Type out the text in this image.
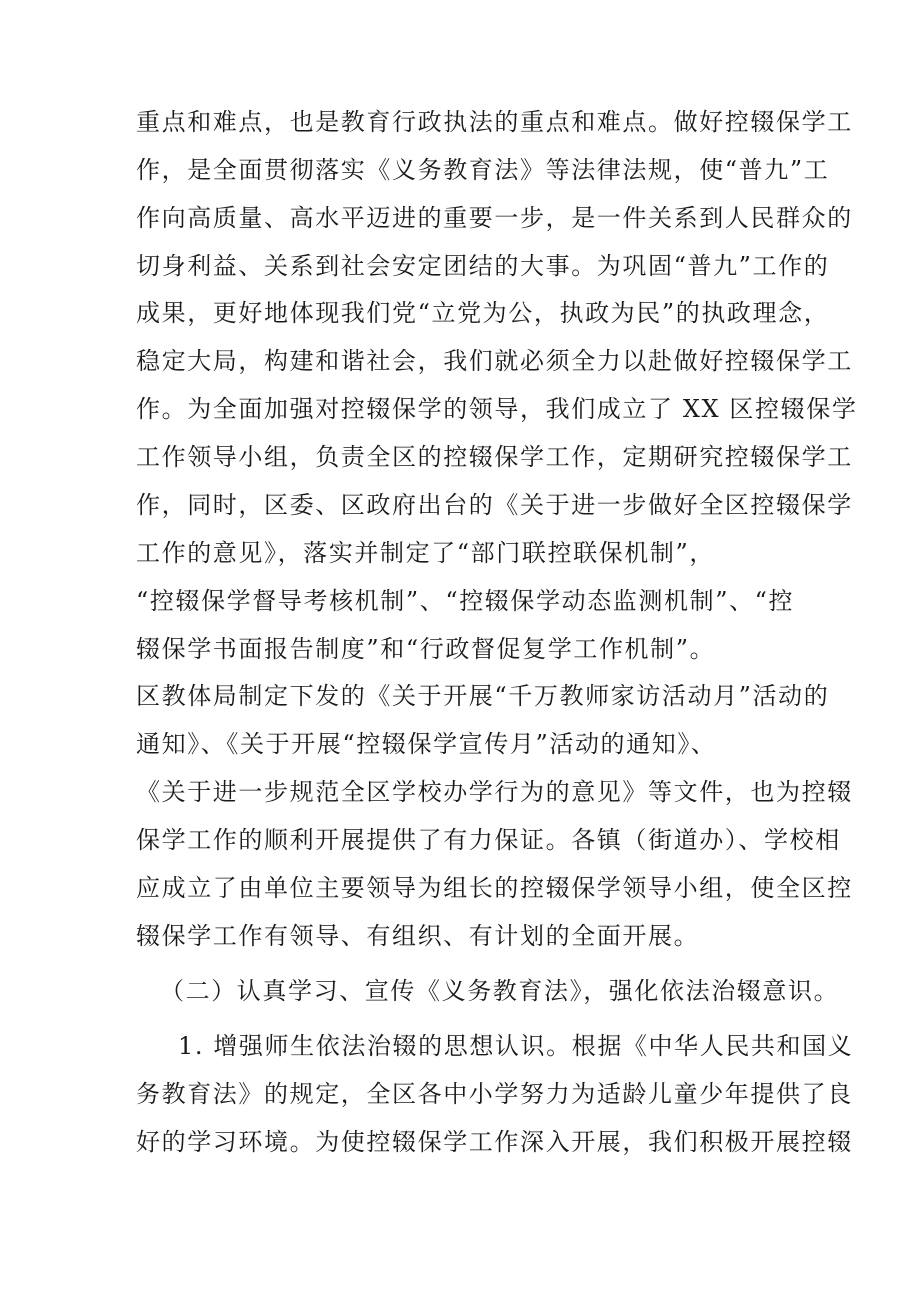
重点和难点，也是教育行政执法的重点和难点。做好控辍保学工
作，是全面贯彻落实《义务教育法》等法律法规，使“普九”工
作向高质量、高水平迈进的重要一步，是一件关系到人民群众的
切身利益、关系到社会安定团结的大事。为巩固“普九”工作的
成果，更好地体现我们党“立党为公，执政为民”的执政理念，
稳定大局，构建和谐社会，我们就必须全力以赴做好控辍保学工
作。为全面加强对控辍保学的领导，我们成立了 XX 区控辍保学
工作领导小组，负责全区的控辍保学工作，定期研究控辍保学工
作，同时，区委、区政府出台的《关于进一步做好全区控辍保学
工作的意见》，落实并制定了“部门联控联保机制”，
“控辍保学督导考核机制”、“控辍保学动态监测机制”、“控
辍保学书面报告制度”和“行政督促复学工作机制”。
区教体局制定下发的《关于开展“千万教师家访活动月”活动的
通知》、《关于开展“控辍保学宣传月”活动的通知》、
《关于进一步规范全区学校办学行为的意见》等文件，也为控辍
保学工作的顺利开展提供了有力保证。各镇（街道办）、学校相
应成立了由单位主要领导为组长的控辍保学领导小组，使全区控
辍保学工作有领导、有组织、有计划的全面开展。
（二）认真学习、宣传《义务教育法》，强化依法治辍意识。
1. 增强师生依法治辍的思想认识。根据《中华人民共和国义
务教育法》的规定，全区各中小学努力为适龄儿童少年提供了良
好的学习环境。为使控辍保学工作深入开展，我们积极开展控辍
